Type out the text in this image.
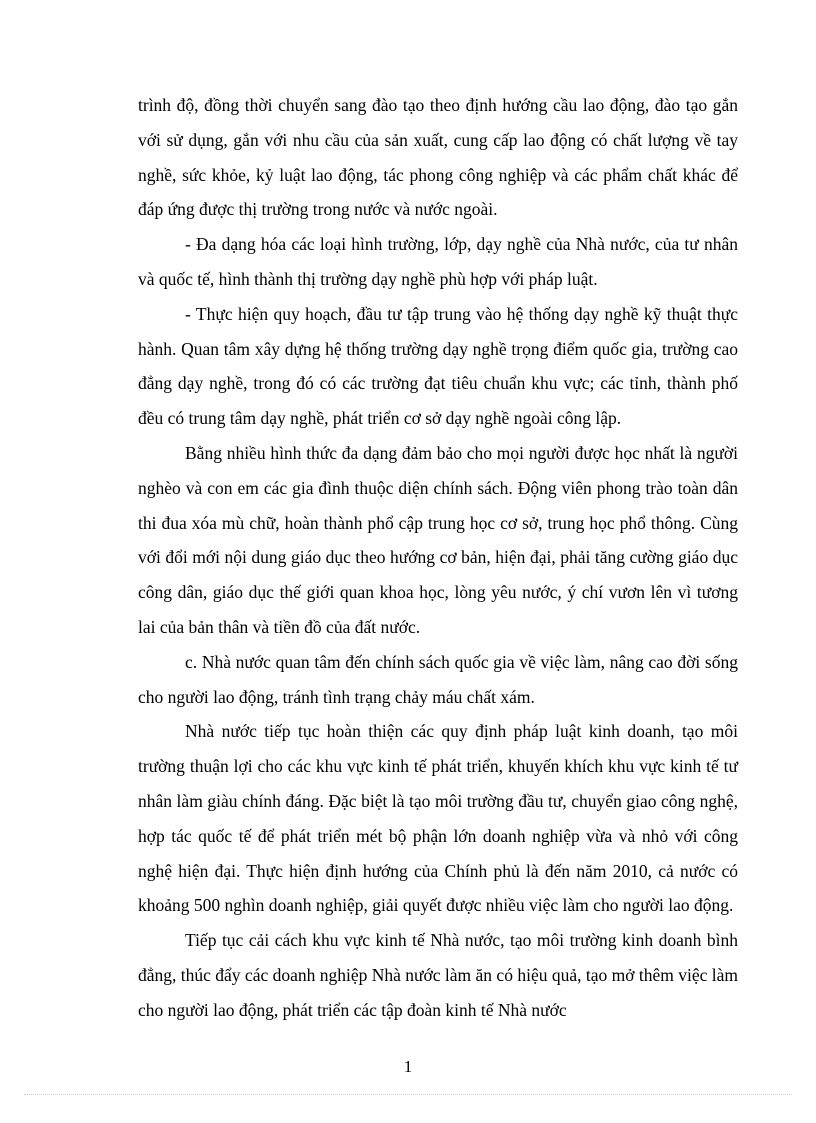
trình độ, đồng thời chuyển sang đào tạo theo định hướng cầu lao động, đào tạo gắn với sử dụng, gắn với nhu cầu của sản xuất, cung cấp lao động có chất lượng về tay nghề, sức khỏe, kỷ luật lao động, tác phong công nghiệp và các phẩm chất khác để đáp ứng được thị trường trong nước và nước ngoài.

- Đa dạng hóa các loại hình trường, lớp, dạy nghề của Nhà nước, của tư nhân và quốc tế, hình thành thị trường dạy nghề phù hợp với pháp luật.

- Thực hiện quy hoạch, đầu tư tập trung vào hệ thống dạy nghề kỹ thuật thực hành. Quan tâm xây dựng hệ thống trường dạy nghề trọng điểm quốc gia, trường cao đẳng dạy nghề, trong đó có các trường đạt tiêu chuẩn khu vực; các tỉnh, thành phố đều có trung tâm dạy nghề, phát triển cơ sở dạy nghề ngoài công lập.

Bằng nhiều hình thức đa dạng đảm bảo cho mọi người được học nhất là người nghèo và con em các gia đình thuộc diện chính sách. Động viên phong trào toàn dân thi đua xóa mù chữ, hoàn thành phổ cập trung học cơ sở, trung học phổ thông. Cùng với đổi mới nội dung giáo dục theo hướng cơ bản, hiện đại, phải tăng cường giáo dục công dân, giáo dục thế giới quan khoa học, lòng yêu nước, ý chí vươn lên vì tương lai của bản thân và tiền đồ của đất nước.

c. Nhà nước quan tâm đến chính sách quốc gia về việc làm, nâng cao đời sống cho người lao động, tránh tình trạng chảy máu chất xám.

Nhà nước tiếp tục hoàn thiện các quy định pháp luật kinh doanh, tạo môi trường thuận lợi cho các khu vực kinh tế phát triển, khuyến khích khu vực kinh tế tư nhân làm giàu chính đáng. Đặc biệt là tạo môi trường đầu tư, chuyển giao công nghệ, hợp tác quốc tế để phát triển mét bộ phận lớn doanh nghiệp vừa và nhỏ với công nghệ hiện đại. Thực hiện định hướng của Chính phủ là đến năm 2010, cả nước có khoảng 500 nghìn doanh nghiệp, giải quyết được nhiều việc làm cho người lao động.

Tiếp tục cải cách khu vực kinh tế Nhà nước, tạo môi trường kinh doanh bình đẳng, thúc đẩy các doanh nghiệp Nhà nước làm ăn có hiệu quả, tạo mở thêm việc làm cho người lao động, phát triển các tập đoàn kinh tế Nhà nước

1
